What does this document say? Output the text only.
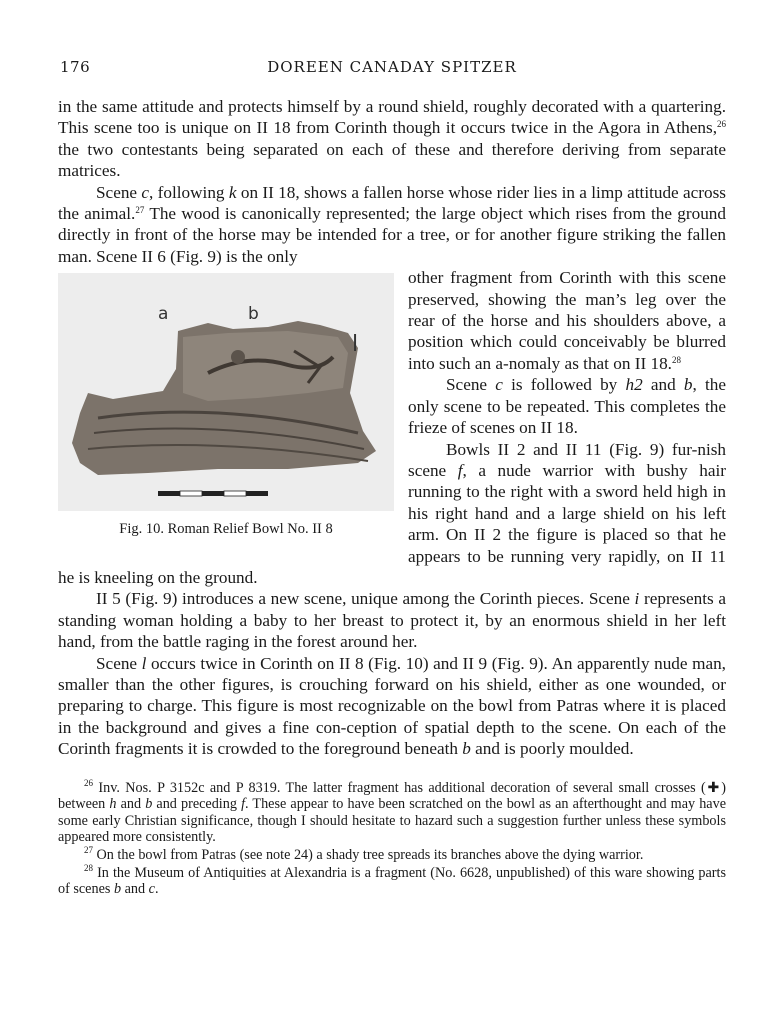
176	DOREEN CANADAY SPITZER

in the same attitude and protects himself by a round shield, roughly decorated with a quartering. This scene too is unique on II 18 from Corinth though it occurs twice in the Agora in Athens,$^{26}$ the two contestants being separated on each of these and therefore deriving from separate matrices.

Scene c, following k on II 18, shows a fallen horse whose rider lies in a limp attitude across the animal.$^{27}$ The wood is canonically represented; the large object which rises from the ground directly in front of the horse may be intended for a tree, or for another figure striking the fallen man. Scene II 6 (Fig. 9) is the only

a	b
l
Fig. 10. Roman Relief Bowl No. II 8

other fragment from Corinth with this scene preserved, showing the man’s leg over the rear of the horse and his shoulders above, a position which could conceivably be blurred into such an a-nomaly as that on II 18.28

Scene c is followed by h2 and b, the only scene to be repeated. This completes the frieze of scenes on II 18.

Bowls II 2 and II 11 (Fig. 9) fur-nish scene f, a nude warrior with bushy hair running to the right with a sword held high in his right hand and a large shield on his left arm. On II 2 the figure is placed so that he appears to be running very rapidly, on II 11 he is kneeling on the ground.

II 5 (Fig. 9) introduces a new scene, unique among the Corinth pieces. Scene i represents a standing woman holding a baby to her breast to protect it, by an enormous shield in her left hand, from the battle raging in the forest around her.

Scene l occurs twice in Corinth on II 8 (Fig. 10) and II 9 (Fig. 9). An apparently nude man, smaller than the other figures, is crouching forward on his shield, either as one wounded, or preparing to charge. This figure is most recognizable on the bowl from Patras where it is placed in the background and gives a fine con-ception of spatial depth to the scene. On each of the Corinth fragments it is crowded to the foreground beneath b and is poorly moulded.

$^{26}$ Inv. Nos. P 3152c and P 8319. The latter fragment has additional decoration of several small crosses (✚) between h and b and preceding f. These appear to have been scratched on the bowl as an afterthought and may have some early Christian significance, though I should hesitate to hazard such a suggestion further unless these symbols appeared more consistently.

$^{27}$ On the bowl from Patras (see note 24) a shady tree spreads its branches above the dying warrior.

$^{28}$ In the Museum of Antiquities at Alexandria is a fragment (No. 6628, unpublished) of this ware showing parts of scenes b and c.
